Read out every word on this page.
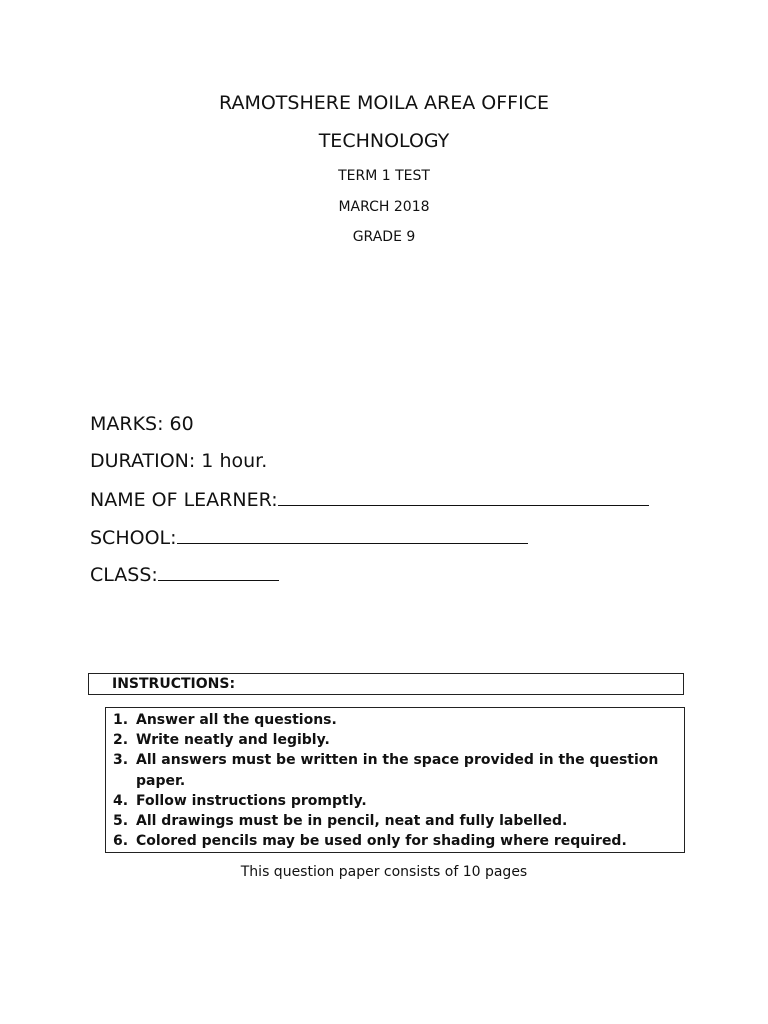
RAMOTSHERE MOILA AREA OFFICE
TECHNOLOGY
TERM 1 TEST
MARCH 2018
GRADE 9
MARKS: 60
DURATION: 1 hour.
NAME OF LEARNER:
SCHOOL:
CLASS:
INSTRUCTIONS:
1. Answer all the questions.
2. Write neatly and legibly.
3. All answers must be written in the space provided in the question paper.
4. Follow instructions promptly.
5. All drawings must be in pencil, neat and fully labelled.
6. Colored pencils may be used only for shading where required.
This question paper consists of 10 pages
